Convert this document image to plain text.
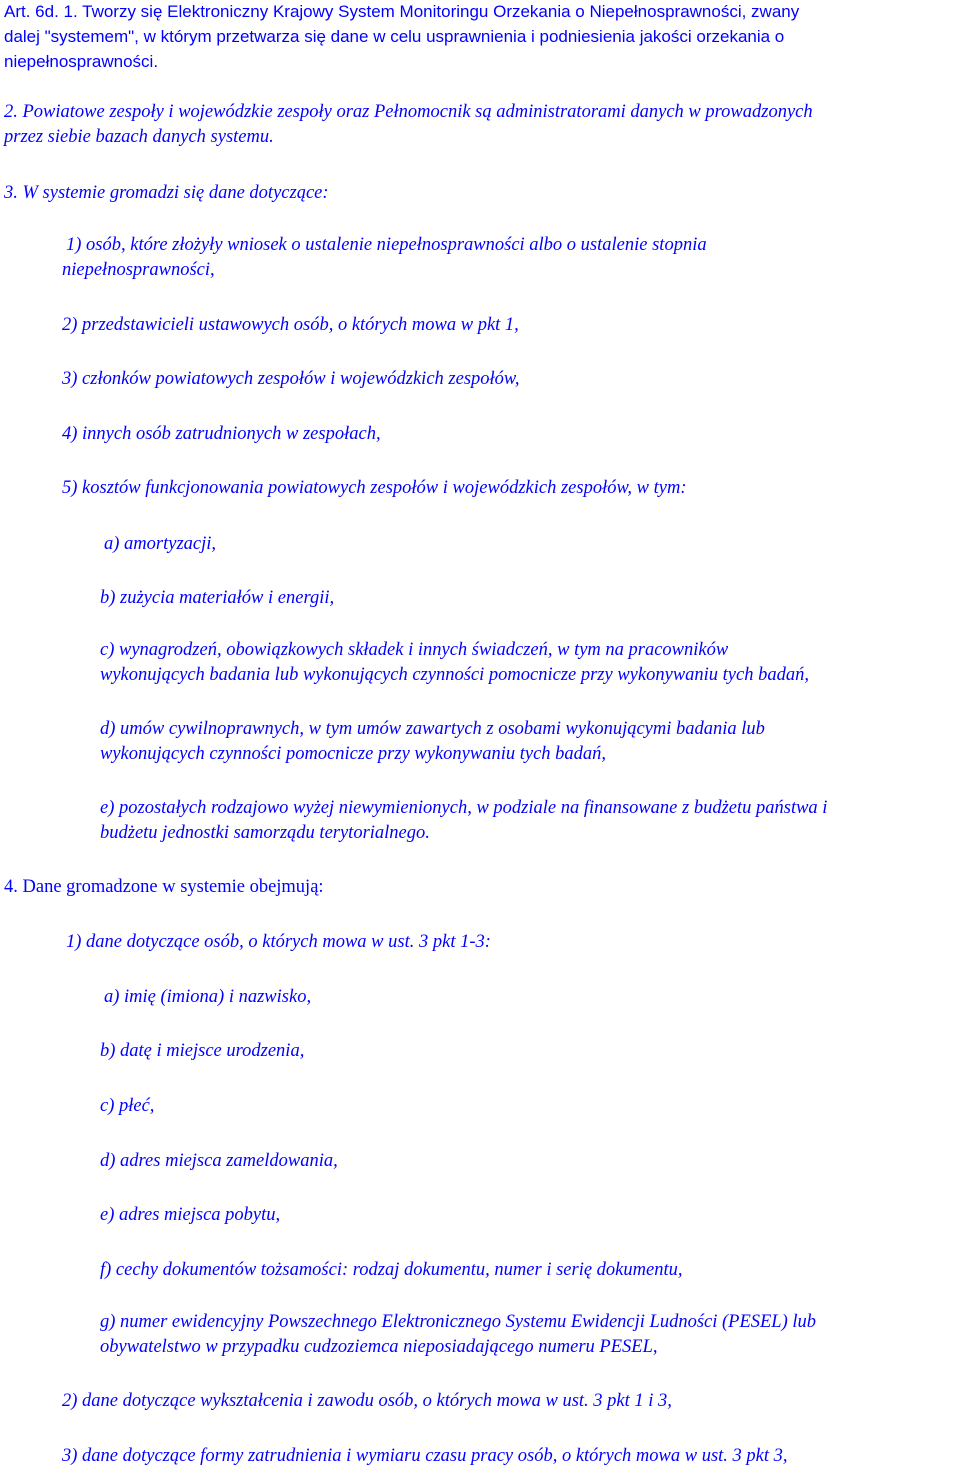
Art. 6d. 1. Tworzy się Elektroniczny Krajowy System Monitoringu Orzekania o Niepełnosprawności, zwany
dalej "systemem", w którym przetwarza się dane w celu usprawnienia i podniesienia jakości orzekania o
niepełnosprawności.
2. Powiatowe zespoły i wojewódzkie zespoły oraz Pełnomocnik są administratorami danych w prowadzonych
przez siebie bazach danych systemu.
3. W systemie gromadzi się dane dotyczące:
1) osób, które złożyły wniosek o ustalenie niepełnosprawności albo o ustalenie stopnia
niepełnosprawności,
2) przedstawicieli ustawowych osób, o których mowa w pkt 1,
3) członków powiatowych zespołów i wojewódzkich zespołów,
4) innych osób zatrudnionych w zespołach,
5) kosztów funkcjonowania powiatowych zespołów i wojewódzkich zespołów, w tym:
a) amortyzacji,
b) zużycia materiałów i energii,
c) wynagrodzeń, obowiązkowych składek i innych świadczeń, w tym na pracowników
wykonujących badania lub wykonujących czynności pomocnicze przy wykonywaniu tych badań,
d) umów cywilnoprawnych, w tym umów zawartych z osobami wykonującymi badania lub
wykonujących czynności pomocnicze przy wykonywaniu tych badań,
e) pozostałych rodzajowo wyżej niewymienionych, w podziale na finansowane z budżetu państwa i
budżetu jednostki samorządu terytorialnego.
4. Dane gromadzone w systemie obejmują:
1) dane dotyczące osób, o których mowa w ust. 3 pkt 1-3:
a) imię (imiona) i nazwisko,
b) datę i miejsce urodzenia,
c) płeć,
d) adres miejsca zameldowania,
e) adres miejsca pobytu,
f) cechy dokumentów tożsamości: rodzaj dokumentu, numer i serię dokumentu,
g) numer ewidencyjny Powszechnego Elektronicznego Systemu Ewidencji Ludności (PESEL) lub
obywatelstwo w przypadku cudzoziemca nieposiadającego numeru PESEL,
2) dane dotyczące wykształcenia i zawodu osób, o których mowa w ust. 3 pkt 1 i 3,
3) dane dotyczące formy zatrudnienia i wymiaru czasu pracy osób, o których mowa w ust. 3 pkt 3,
